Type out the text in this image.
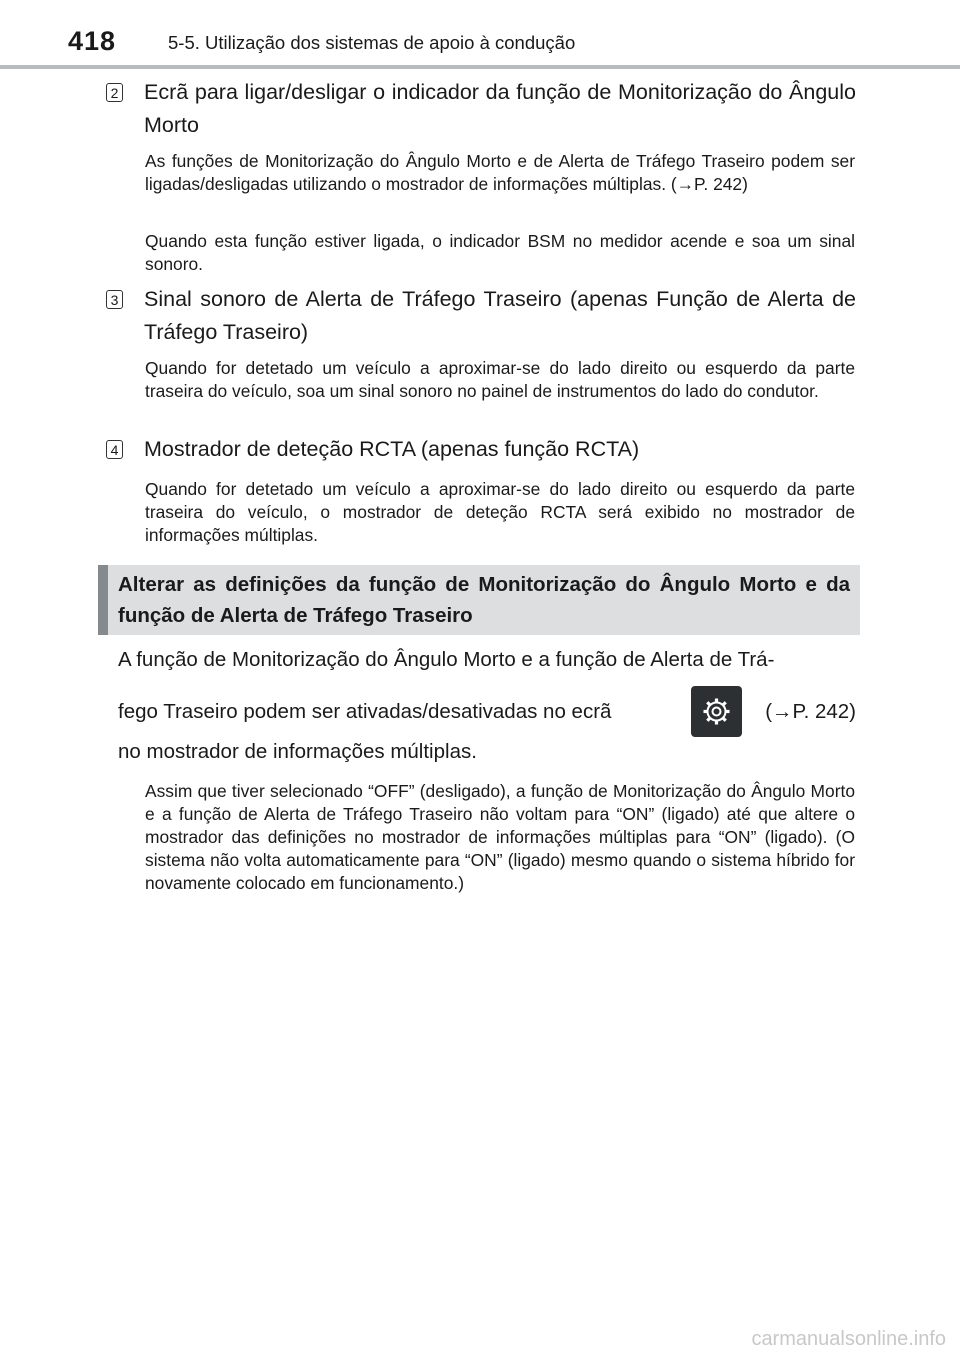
418	5-5. Utilização dos sistemas de apoio à condução
2 Ecrã para ligar/desligar o indicador da função de Monitorização do Ângulo Morto

As funções de Monitorização do Ângulo Morto e de Alerta de Tráfego Traseiro podem ser ligadas/desligadas utilizando o mostrador de informações múltiplas. (→P. 242)

Quando esta função estiver ligada, o indicador BSM no medidor acende e soa um sinal sonoro.

3 Sinal sonoro de Alerta de Tráfego Traseiro (apenas Função de Alerta de Tráfego Traseiro)

Quando for detetado um veículo a aproximar-se do lado direito ou esquerdo da parte traseira do veículo, soa um sinal sonoro no painel de instrumentos do lado do condutor.

4 Mostrador de deteção RCTA (apenas função RCTA)

Quando for detetado um veículo a aproximar-se do lado direito ou esquerdo da parte traseira do veículo, o mostrador de deteção RCTA será exibido no mostrador de informações múltiplas.

Alterar as definições da função de Monitorização do Ângulo Morto e da função de Alerta de Tráfego Traseiro
A função de Monitorização do Ângulo Morto e a função de Alerta de Trá-
fego Traseiro podem ser ativadas/desativadas no ecrã	(→P. 242)
no mostrador de informações múltiplas.

Assim que tiver selecionado “OFF” (desligado), a função de Monitorização do Ângulo Morto e a função de Alerta de Tráfego Traseiro não voltam para “ON” (ligado) até que altere o mostrador das definições no mostrador de informações múltiplas para “ON” (ligado). (O sistema não volta automaticamente para “ON” (ligado) mesmo quando o sistema híbrido for novamente colocado em funcionamento.)

carmanualsonline.info
